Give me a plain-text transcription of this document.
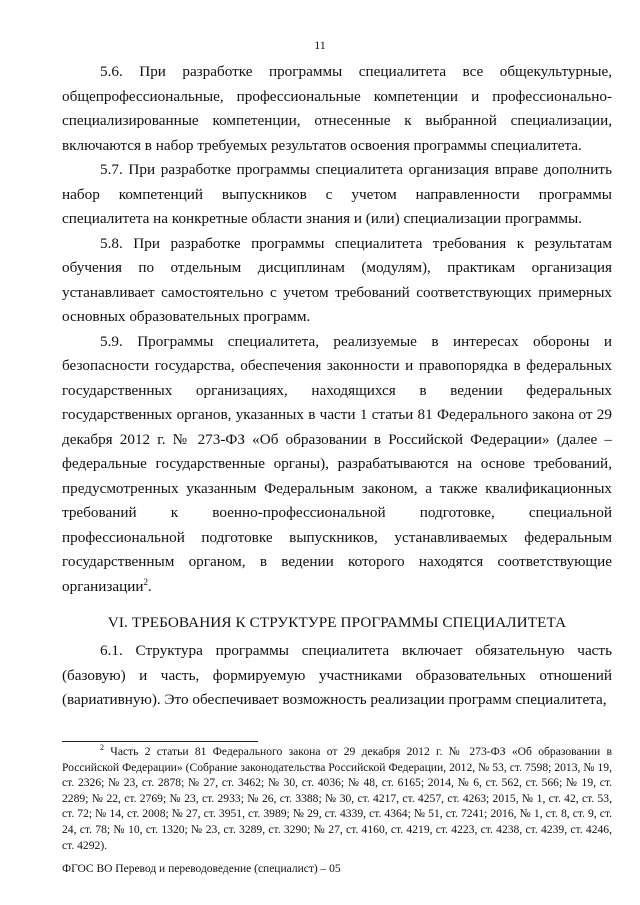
11

5.6. При разработке программы специалитета все общекультурные, общепрофессиональные, профессиональные компетенции и профессионально-специализированные компетенции, отнесенные к выбранной специализации, включаются в набор требуемых результатов освоения программы специалитета.

5.7. При разработке программы специалитета организация вправе дополнить набор компетенций выпускников с учетом направленности программы специалитета на конкретные области знания и (или) специализации программы.

5.8. При разработке программы специалитета требования к результатам обучения по отдельным дисциплинам (модулям), практикам организация устанавливает самостоятельно с учетом требований соответствующих примерных основных образовательных программ.

5.9. Программы специалитета, реализуемые в интересах обороны и безопасности государства, обеспечения законности и правопорядка в федеральных государственных организациях, находящихся в ведении федеральных государственных органов, указанных в части 1 статьи 81 Федерального закона от 29 декабря 2012 г. № 273-ФЗ «Об образовании в Российской Федерации» (далее – федеральные государственные органы), разрабатываются на основе требований, предусмотренных указанным Федеральным законом, а также квалификационных требований к военно-профессиональной подготовке, специальной профессиональной подготовке выпускников, устанавливаемых федеральным государственным органом, в ведении которого находятся соответствующие организации$^2$.

VI. ТРЕБОВАНИЯ К СТРУКТУРЕ ПРОГРАММЫ СПЕЦИАЛИТЕТА

6.1. Структура программы специалитета включает обязательную часть (базовую) и часть, формируемую участниками образовательных отношений (вариативную). Это обеспечивает возможность реализации программ специалитета,

$^2$ Часть 2 статьи 81 Федерального закона от 29 декабря 2012 г. № 273-ФЗ «Об образовании в Российской Федерации» (Собрание законодательства Российской Федерации, 2012, № 53, ст. 7598; 2013, № 19, ст. 2326; № 23, ст. 2878; № 27, ст. 3462; № 30, ст. 4036; № 48, ст. 6165; 2014, № 6, ст. 562, ст. 566; № 19, ст. 2289; № 22, ст. 2769; № 23, ст. 2933; № 26, ст. 3388; № 30, ст. 4217, ст. 4257, ст. 4263; 2015, № 1, ст. 42, ст. 53, ст. 72; № 14, ст. 2008; № 27, ст. 3951, ст. 3989; № 29, ст. 4339, ст. 4364; № 51, ст. 7241; 2016, № 1, ст. 8, ст. 9, ст. 24, ст. 78; № 10, ст. 1320; № 23, ст. 3289, ст. 3290; № 27, ст. 4160, ст. 4219, ст. 4223, ст. 4238, ст. 4239, ст. 4246, ст. 4292).

ФГОС ВО Перевод и переводоведение (специалист) – 05
